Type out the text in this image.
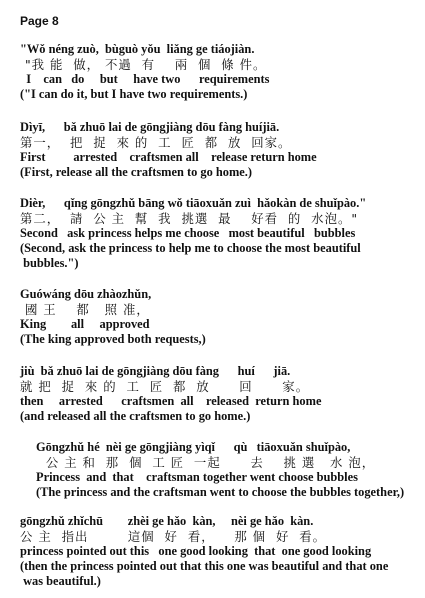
Page 8
"Wǒ néng zuò,  bùguò yǒu  liǎng ge tiáojiàn.
"我 能  做， 不過  有    兩  個  條 件。
I    can   do     but     have two      requirements
("I can do it, but I have two requirements.)
Dìyī,      bǎ zhuō lai de gōngjiàng dōu fàng huíjiā.
第一，  把  捉  來 的  工  匠  都  放  回家。
First         arrested    craftsmen all    release return home
(First, release all the craftsmen to go home.)
Dièr,      qǐng gōngzhǔ bāng wǒ tiāoxuǎn zuì  hǎokàn de shuǐpào."
第二，  請  公 主  幫  我  挑選  最    好看  的  水泡。"
Second   ask princess helps me choose   most beautiful   bubbles
(Second, ask the princess to help me to choose the most beautiful
bubbles.")
Guówáng dōu zhàozhǔn,
國 王    都   照 准，
King        all     approved
(The king approved both requests,)
jiù  bǎ zhuō lai de gōngjiàng dōu fàng      huí      jiā.
就 把  捉  來 的  工  匠  都  放      回      家。
then     arrested      craftsmen  all    released  return home
(and released all the craftsmen to go home.)
Gōngzhǔ hé  nèi ge gōngjiàng yìqǐ      qù   tiāoxuǎn shuǐpào,
公 主 和  那  個  工 匠  一起      去    挑 選   水 泡，
Princess  and  that    craftsman together went choose bubbles
(The princess and the craftsman went to choose the bubbles together,)
gōngzhǔ zhǐchū        zhèi ge hǎo  kàn,     nèi ge hǎo  kàn.
公 主  指出        這個  好  看，    那 個  好  看。
princess pointed out this   one good looking  that  one good looking
(then the princess pointed out that this one was beautiful and that one
was beautiful.)
